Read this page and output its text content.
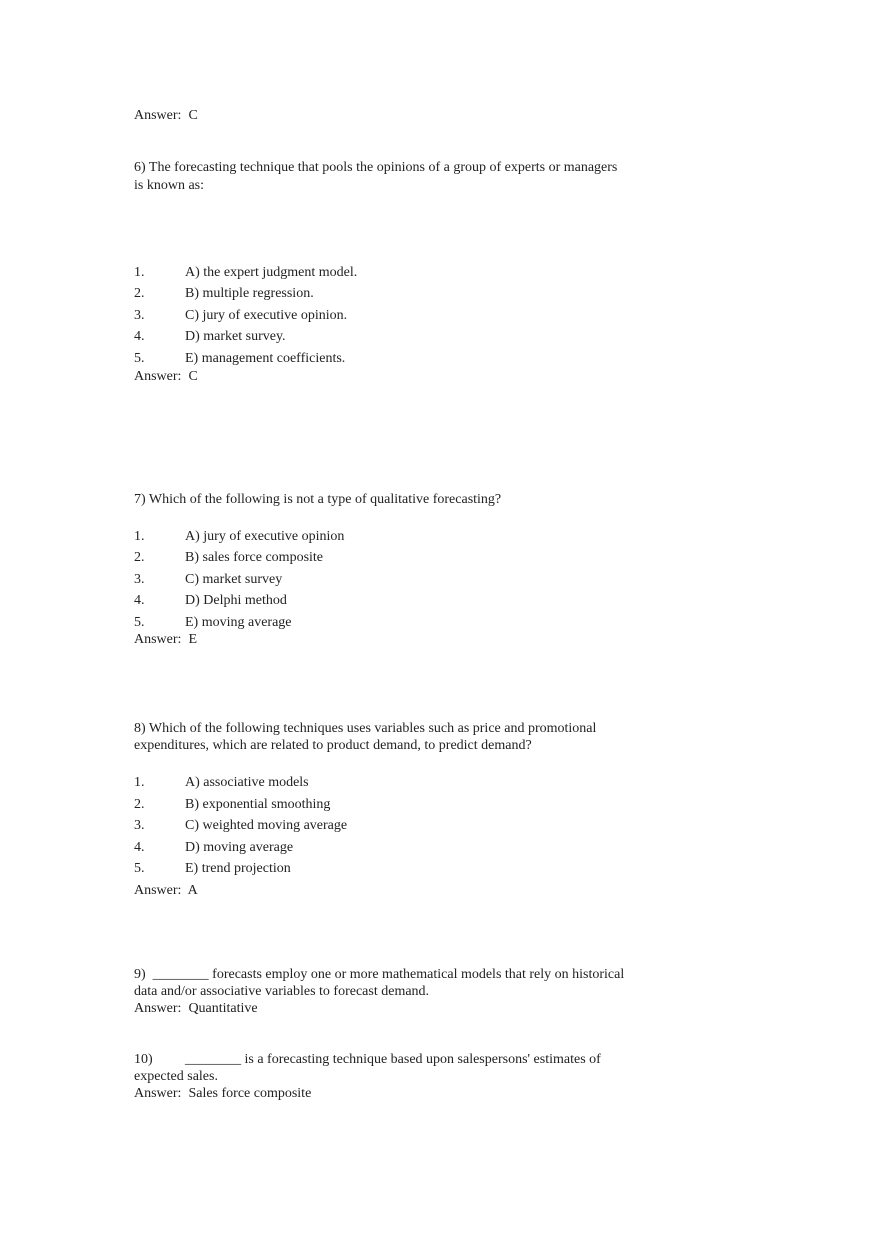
Answer: C
6) The forecasting technique that pools the opinions of a group of experts or managers
is known as:
1.	A) the expert judgment model.
2.	B) multiple regression.
3.	C) jury of executive opinion.
4.	D) market survey.
5.	E) management coefficients.
Answer: C
7) Which of the following is not a type of qualitative forecasting?
1.	A) jury of executive opinion
2.	B) sales force composite
3.	C) market survey
4.	D) Delphi method
5.	E) moving average
Answer: E
8) Which of the following techniques uses variables such as price and promotional
expenditures, which are related to product demand, to predict demand?
1.	A) associative models
2.	B) exponential smoothing
3.	C) weighted moving average
4.	D) moving average
5.	E) trend projection
Answer: A
9)  ________ forecasts employ one or more mathematical models that rely on historical
data and/or associative variables to forecast demand.
Answer: Quantitative
10) ________ is a forecasting technique based upon salespersons' estimates of
expected sales.
Answer: Sales force composite
